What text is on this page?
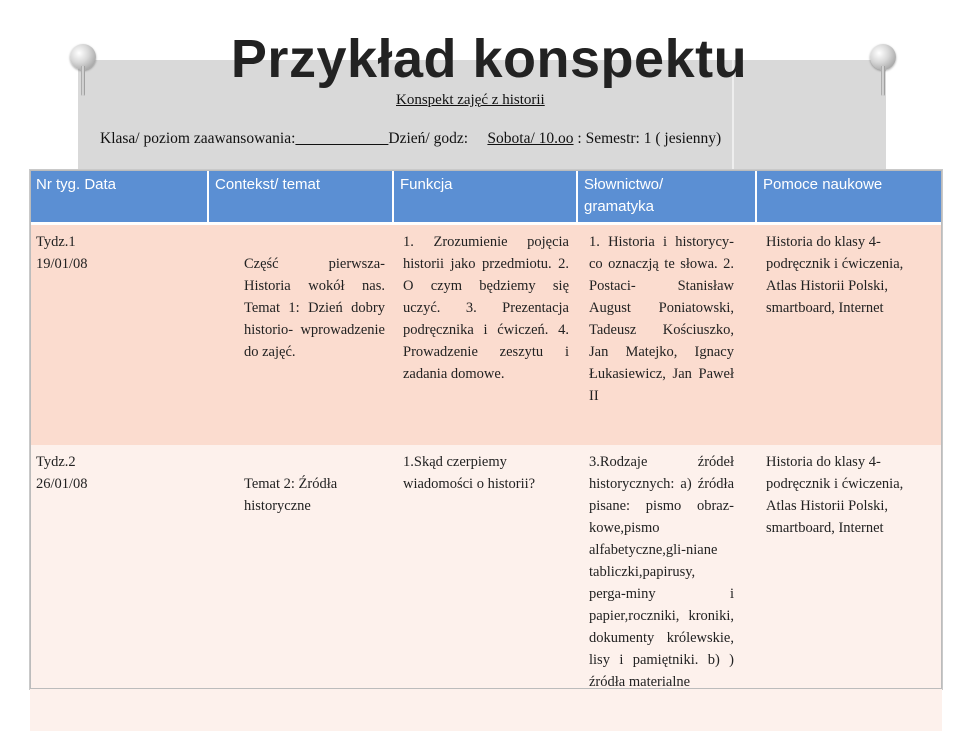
Przykład konspektu
Konspekt zajęć z historii
Klasa/ poziom zaawansowania:	Dzień/ godz: Sobota/ 10.oo : Semestr: 1 ( jesienny)
Nr tyg. Data	Contekst/ temat	Funkcja	Słownictwo/ gramatyka	Pomoce naukowe

Tydz.1
19/01/08	Część pierwsza- Historia wokół nas. Temat 1: Dzień dobry historio- wprowadzenie do zajęć.	1. Zrozumienie pojęcia historii jako przedmiotu. 2. O czym będziemy się uczyć. 3. Prezentacja podręcznika i ćwiczeń. 4. Prowadzenie zeszytu i zadania domowe.	1. Historia i historycy- co oznaczją te słowa. 2. Postaci- Stanisław August Poniatowski, Tadeusz Kościuszko, Jan Matejko, Ignacy Łukasiewicz, Jan Paweł II	Historia do klasy 4- podręcznik i ćwiczenia, Atlas Historii Polski, smartboard, Internet

Tydz.2
26/01/08	Temat 2: Źródła historyczne	1.Skąd czerpiemy wiadomości o historii?	3.Rodzaje źródeł historycznych: a) źródła pisane: pismo obraz- kowe,pismo alfabetyczne,gli-niane tabliczki,papirusy, perga-miny i papier,roczniki, kroniki, dokumenty królewskie, lisy i pamiętniki. b) ) źródła materialne	Historia do klasy 4- podręcznik i ćwiczenia, Atlas Historii Polski, smartboard, Internet
